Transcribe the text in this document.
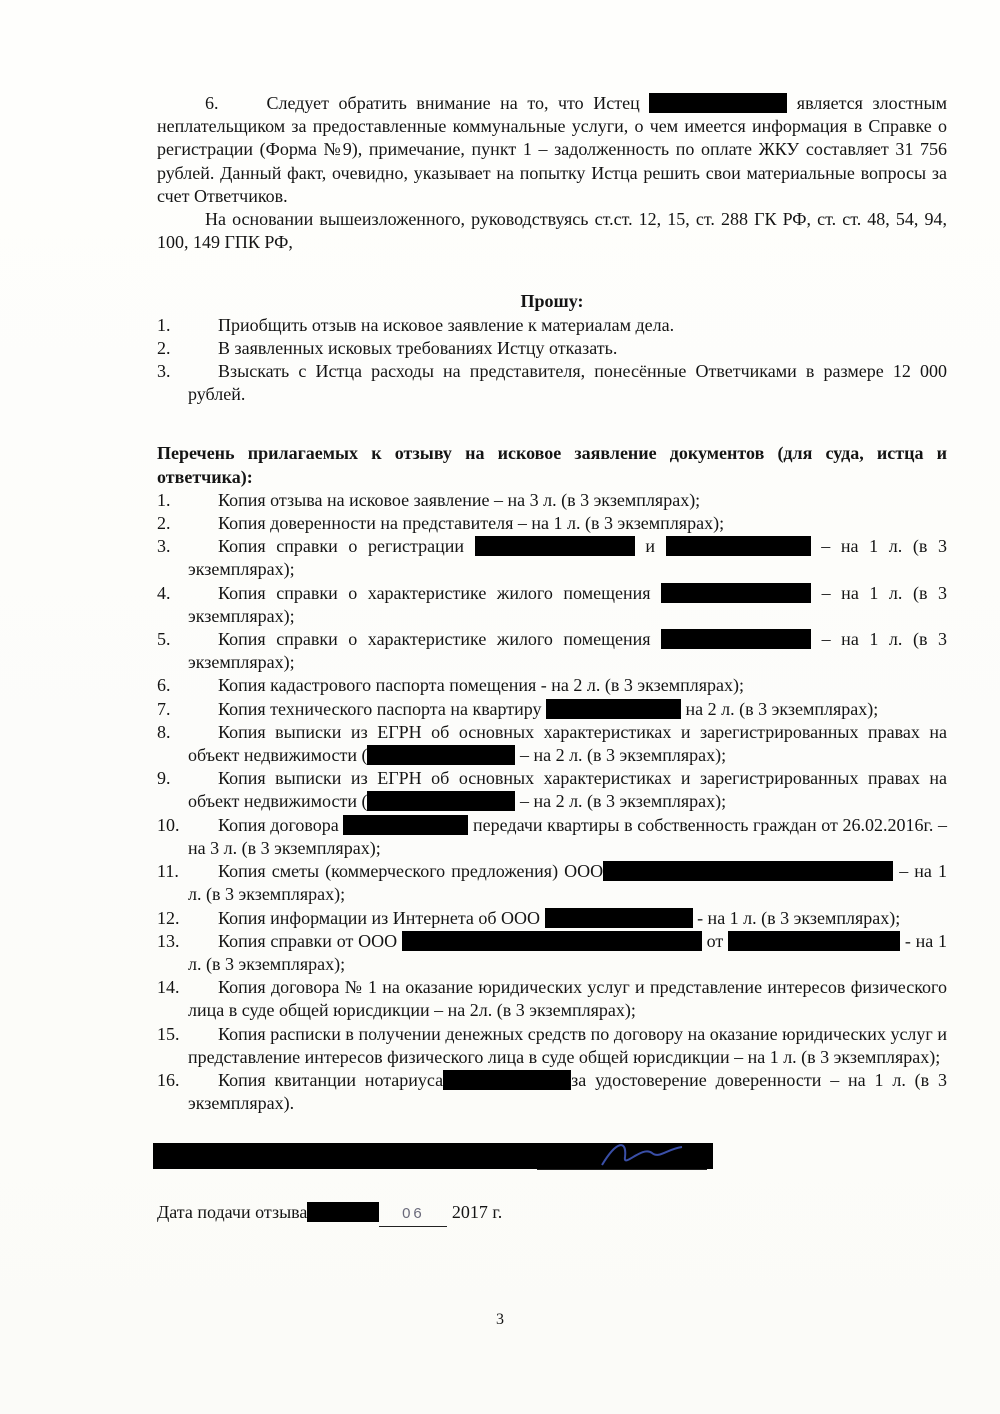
6.	Следует обратить внимание на то, что Истец	является злостным неплательщиком за предоставленные коммунальные услуги, о чем имеется информация в Справке о регистрации (Форма №9), примечание, пункт 1 – задолженность по оплате ЖКУ составляет 31 756 рублей. Данный факт, очевидно, указывает на попытку Истца решить свои материальные вопросы за счет Ответчиков.

На основании вышеизложенного, руководствуясь ст.ст. 12, 15, ст. 288 ГК РФ, ст. ст. 48, 54, 94, 100, 149 ГПК РФ,

Прошу:

1.	Приобщить отзыв на исковое заявление к материалам дела.
2.	В заявленных исковых требованиях Истцу отказать.
3.	Взыскать с Истца расходы на представителя, понесённые Ответчиками в размере 12 000 рублей.

Перечень прилагаемых к отзыву на исковое заявление документов (для суда, истца и ответчика):

1.	Копия отзыва на исковое заявление – на 3 л. (в 3 экземплярах);
2.	Копия доверенности на представителя – на 1 л. (в 3 экземплярах);
3.	Копия справки о регистрации	и	– на 1 л. (в 3 экземплярах);
4.	Копия справки о характеристике жилого помещения	– на 1 л. (в 3 экземплярах);
5.	Копия справки о характеристике жилого помещения	– на 1 л. (в 3 экземплярах);
6.	Копия кадастрового паспорта помещения - на 2 л. (в 3 экземплярах);
7.	Копия технического паспорта на квартиру	на 2 л. (в 3 экземплярах);
8.	Копия выписки из ЕГРН об основных характеристиках и зарегистрированных правах на объект недвижимости (	– на 2 л. (в 3 экземплярах);
9.	Копия выписки из ЕГРН об основных характеристиках и зарегистрированных правах на объект недвижимости (	– на 2 л. (в 3 экземплярах);
10.	Копия договора	передачи квартиры в собственность граждан от 26.02.2016г. – на 3 л. (в 3 экземплярах);
11.	Копия сметы (коммерческого предложения) ООО	– на 1 л. (в 3 экземплярах);
12.	Копия информации из Интернета об ООО	- на 1 л. (в 3 экземплярах);
13.	Копия справки от ООО	от	- на 1 л. (в 3 экземплярах);
14.	Копия договора № 1 на оказание юридических услуг и представление интересов физического лица в суде общей юрисдикции – на 2л. (в 3 экземплярах);
15.	Копия расписки в получении денежных средств по договору на оказание юридических услуг и представление интересов физического лица в суде общей юрисдикции – на 1 л. (в 3 экземплярах);
16.	Копия квитанции нотариуса	за удостоверение доверенности – на 1 л. (в 3 экземплярах).

Дата подачи отзыва	06 2017 г.

3
